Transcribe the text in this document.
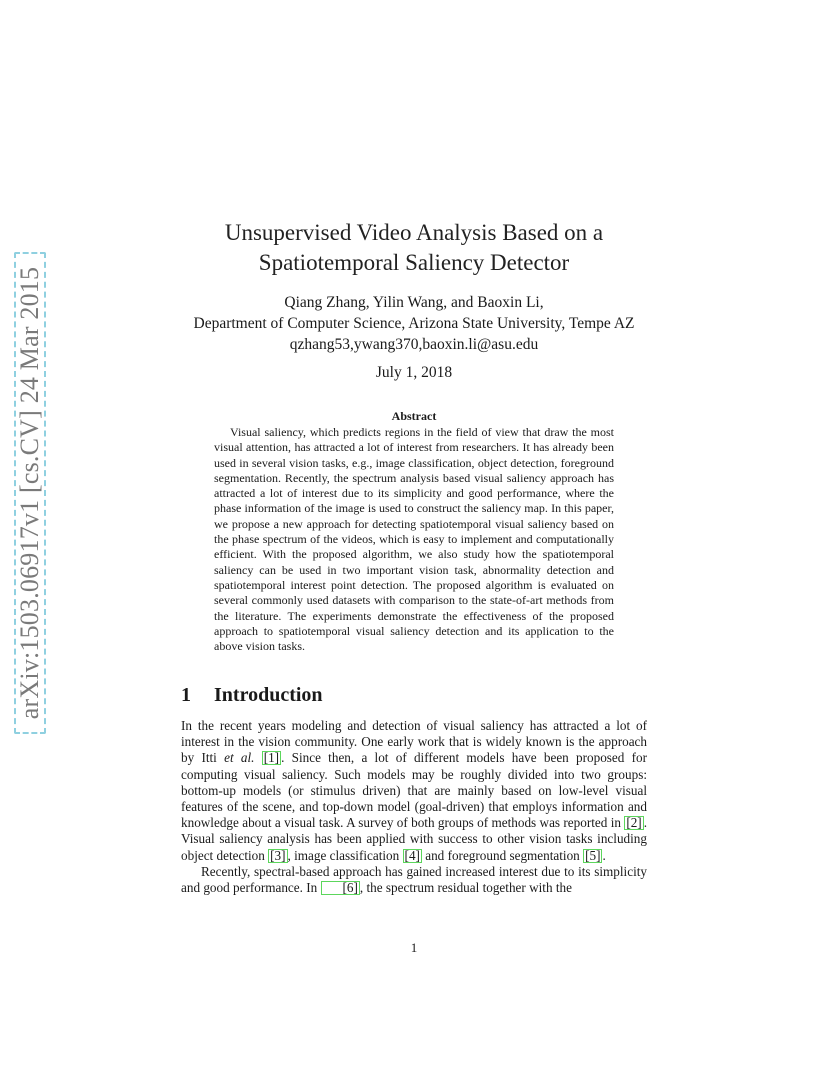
arXiv:1503.06917v1 [cs.CV] 24 Mar 2015
Unsupervised Video Analysis Based on a
Spatiotemporal Saliency Detector
Qiang Zhang, Yilin Wang, and Baoxin Li,
Department of Computer Science, Arizona State University, Tempe AZ
qzhang53,ywang370,baoxin.li@asu.edu
July 1, 2018
Abstract
Visual saliency, which predicts regions in the field of view that draw the most visual attention, has attracted a lot of interest from researchers. It has already been used in several vision tasks, e.g., image classification, object detection, foreground segmentation. Recently, the spectrum analysis based visual saliency approach has attracted a lot of interest due to its simplicity and good performance, where the phase information of the image is used to construct the saliency map. In this paper, we propose a new approach for detecting spatiotemporal visual saliency based on the phase spectrum of the videos, which is easy to implement and computationally efficient. With the proposed algorithm, we also study how the spatiotemporal saliency can be used in two important vision task, abnormality detection and spatiotemporal interest point detection. The proposed algorithm is evaluated on several commonly used datasets with comparison to the state-of-art methods from the literature. The experiments demonstrate the effectiveness of the proposed approach to spatiotemporal visual saliency detection and its application to the above vision tasks.
1 Introduction

In the recent years modeling and detection of visual saliency has attracted a lot of interest in the vision community. One early work that is widely known is the approach by Itti et al. [1] . Since then, a lot of different models have been proposed for computing visual saliency. Such models may be roughly divided into two groups: bottom-up models (or stimulus driven) that are mainly based on low-level visual features of the scene, and top-down model (goal-driven) that employs information and knowledge about a visual task. A survey of both groups of methods was reported in [2] . Visual saliency analysis has been applied with success to other vision tasks including object detection [3] , image classification [4] and foreground segmentation [5] .

Recently, spectral-based approach has gained increased interest due to its simplicity and good performance. In [6] , the spectrum residual together with the

1
